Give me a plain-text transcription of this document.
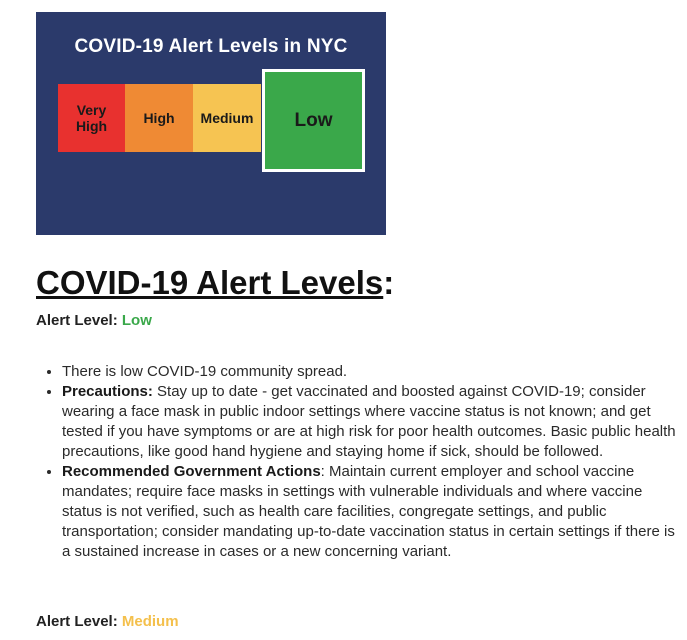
COVID-19 Alert Levels in NYC
Very
High	High	Medium	Low
COVID-19 Alert Levels:
Alert Level: Low
• There is low COVID-19 community spread.
• Precautions: Stay up to date - get vaccinated and boosted against COVID-19; consider wearing a face mask in public indoor settings where vaccine status is not known; and get tested if you have symptoms or are at high risk for poor health outcomes. Basic public health precautions, like good hand hygiene and staying home if sick, should be followed.
• Recommended Government Actions: Maintain current employer and school vaccine mandates; require face masks in settings with vulnerable individuals and where vaccine status is not verified, such as health care facilities, congregate settings, and public transportation; consider mandating up-to-date vaccination status in certain settings if there is a sustained increase in cases or a new concerning variant.
Alert Level: Medium
